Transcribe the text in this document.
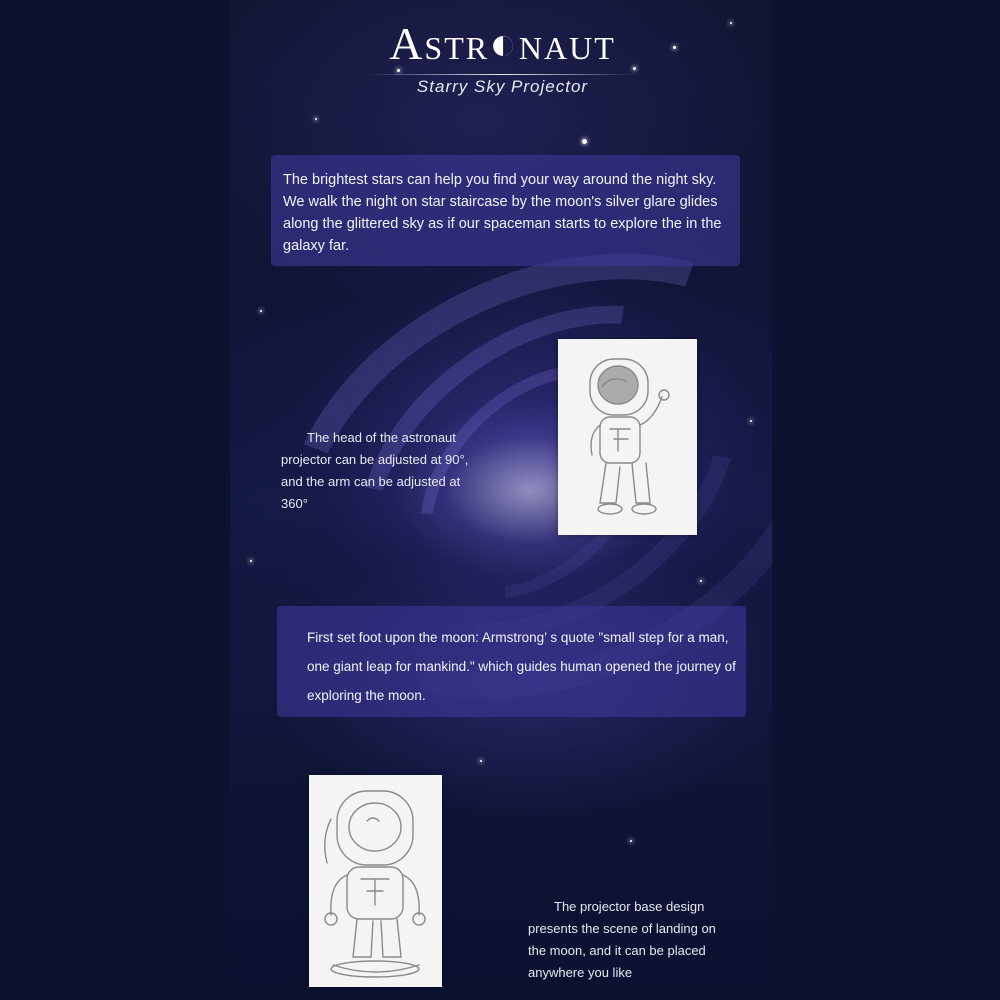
Astr◐naut
Starry Sky Projector
The brightest stars can help you find your way around the night sky. We walk the night on star staircase by the moon's silver glare glides along the glittered sky as if our spaceman starts to explore the in the galaxy far.
The head of the astronaut projector can be adjusted at 90°, and the arm can be adjusted at 360°
First set foot upon the moon: Armstrong’ s quote "small step for a man, one giant leap for mankind." which guides human opened the journey of exploring the moon.
The projector base design presents the scene of landing on the moon, and it can be placed anywhere you like
